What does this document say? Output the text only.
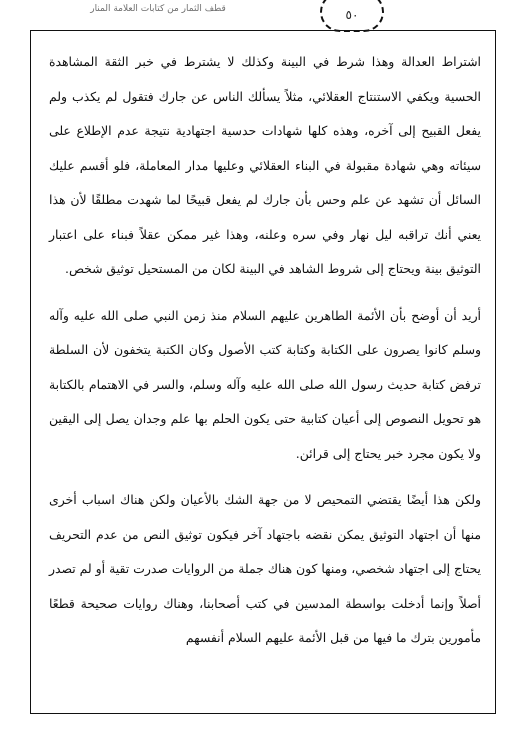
قطف الثمار من كتابات العلامة المنار	٥٠

اشتراط العدالة وهذا شرط في البينة وكذلك لا يشترط في خبر الثقة المشاهدة الحسية ويكفي الاستنتاج العقلائي، مثلاً يسألك الناس عن جارك فتقول لم يكذب ولم يفعل القبيح إلى آخره، وهذه كلها شهادات حدسية اجتهادية نتيجة عدم الإطلاع على سيئاته وهي شهادة مقبولة في البناء العقلائي وعليها مدار المعاملة، فلو أقسم عليك السائل أن تشهد عن علم وحس بأن جارك لم يفعل قبيحًا لما شهدت مطلقًا لأن هذا يعني أنك تراقبه ليل نهار وفي سره وعلنه، وهذا غير ممكن عقلاً فبناء على اعتبار التوثيق بينة ويحتاج إلى شروط الشاهد في البينة لكان من المستحيل توثيق شخص.

أريد أن أوضح بأن الأئمة الطاهرين عليهم السلام منذ زمن النبي صلى الله عليه وآله وسلم كانوا يصرون على الكتابة وكتابة كتب الأصول وكان الكتبة يتخفون لأن السلطة ترفض كتابة حديث رسول الله صلى الله عليه وآله وسلم، والسر في الاهتمام بالكتابة هو تحويل النصوص إلى أعيان كتابية حتى يكون الحلم بها علم وجدان يصل إلى اليقين ولا يكون مجرد خبر يحتاج إلى قرائن.

ولكن هذا أيضًا يقتضي التمحيص لا من جهة الشك بالأعيان ولكن هناك اسباب أخرى منها أن اجتهاد التوثيق يمكن نقضه باجتهاد آخر فيكون توثيق النص من عدم التحريف يحتاج إلى اجتهاد شخصي، ومنها كون هناك جملة من الروايات صدرت تقية أو لم تصدر أصلاً وإنما أدخلت بواسطة المدسين في كتب أصحابنا، وهناك روايات صحيحة قطعًا مأمورين بترك ما فيها من قبل الأئمة عليهم السلام أنفسهم
